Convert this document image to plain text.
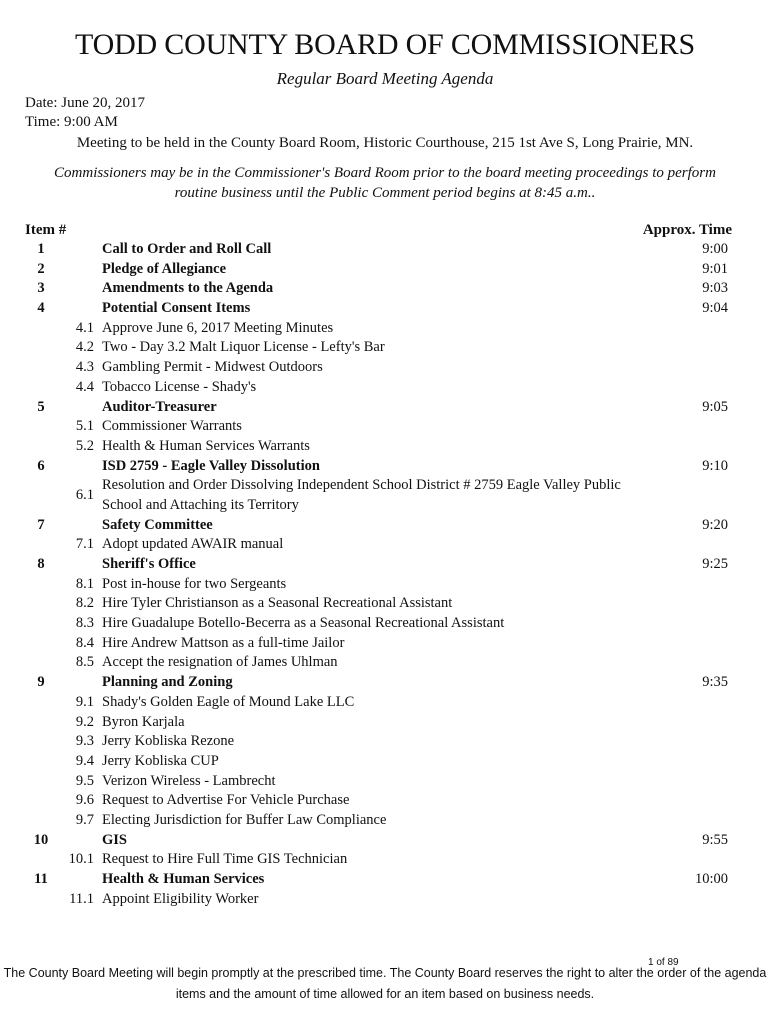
TODD COUNTY BOARD OF COMMISSIONERS
Regular Board Meeting Agenda
Date: June 20, 2017
Time: 9:00 AM
Meeting to be held in the County Board Room, Historic Courthouse, 215 1st Ave S, Long Prairie, MN.
Commissioners may be in the Commissioner's Board Room prior to the board meeting proceedings to perform routine business until the Public Comment period begins at 8:45 a.m..
Item #	Approx. Time
1	Call to Order and Roll Call	9:00
2	Pledge of Allegiance	9:01
3	Amendments to the Agenda	9:03
4	Potential Consent Items	9:04
4.1 Approve June 6, 2017 Meeting Minutes
4.2 Two - Day 3.2 Malt Liquor License - Lefty's Bar
4.3 Gambling Permit - Midwest Outdoors
4.4 Tobacco License - Shady's
5	Auditor-Treasurer	9:05
5.1 Commissioner Warrants
5.2 Health & Human Services Warrants
6	ISD 2759 - Eagle Valley Dissolution	9:10
6.1
Resolution and Order Dissolving Independent School District # 2759 Eagle Valley Public School and Attaching its Territory
7	Safety Committee	9:20
7.1 Adopt updated AWAIR manual
8	Sheriff's Office	9:25
8.1 Post in-house for two Sergeants
8.2 Hire Tyler Christianson as a Seasonal Recreational Assistant
8.3 Hire Guadalupe Botello-Becerra as a Seasonal Recreational Assistant
8.4 Hire Andrew Mattson as a full-time Jailor
8.5 Accept the resignation of James Uhlman
9	Planning and Zoning	9:35
9.1 Shady's Golden Eagle of Mound Lake LLC
9.2 Byron Karjala
9.3 Jerry Kobliska Rezone
9.4 Jerry Kobliska CUP
9.5 Verizon Wireless - Lambrecht
9.6 Request to Advertise For Vehicle Purchase
9.7 Electing Jurisdiction for Buffer Law Compliance
10	GIS	9:55
10.1 Request to Hire Full Time GIS Technician
11	Health & Human Services	10:00
11.1 Appoint Eligibility Worker
1 of 89
The County Board Meeting will begin promptly at the prescribed time. The County Board reserves the right to alter the order of the agenda items and the amount of time allowed for an item based on business needs.
